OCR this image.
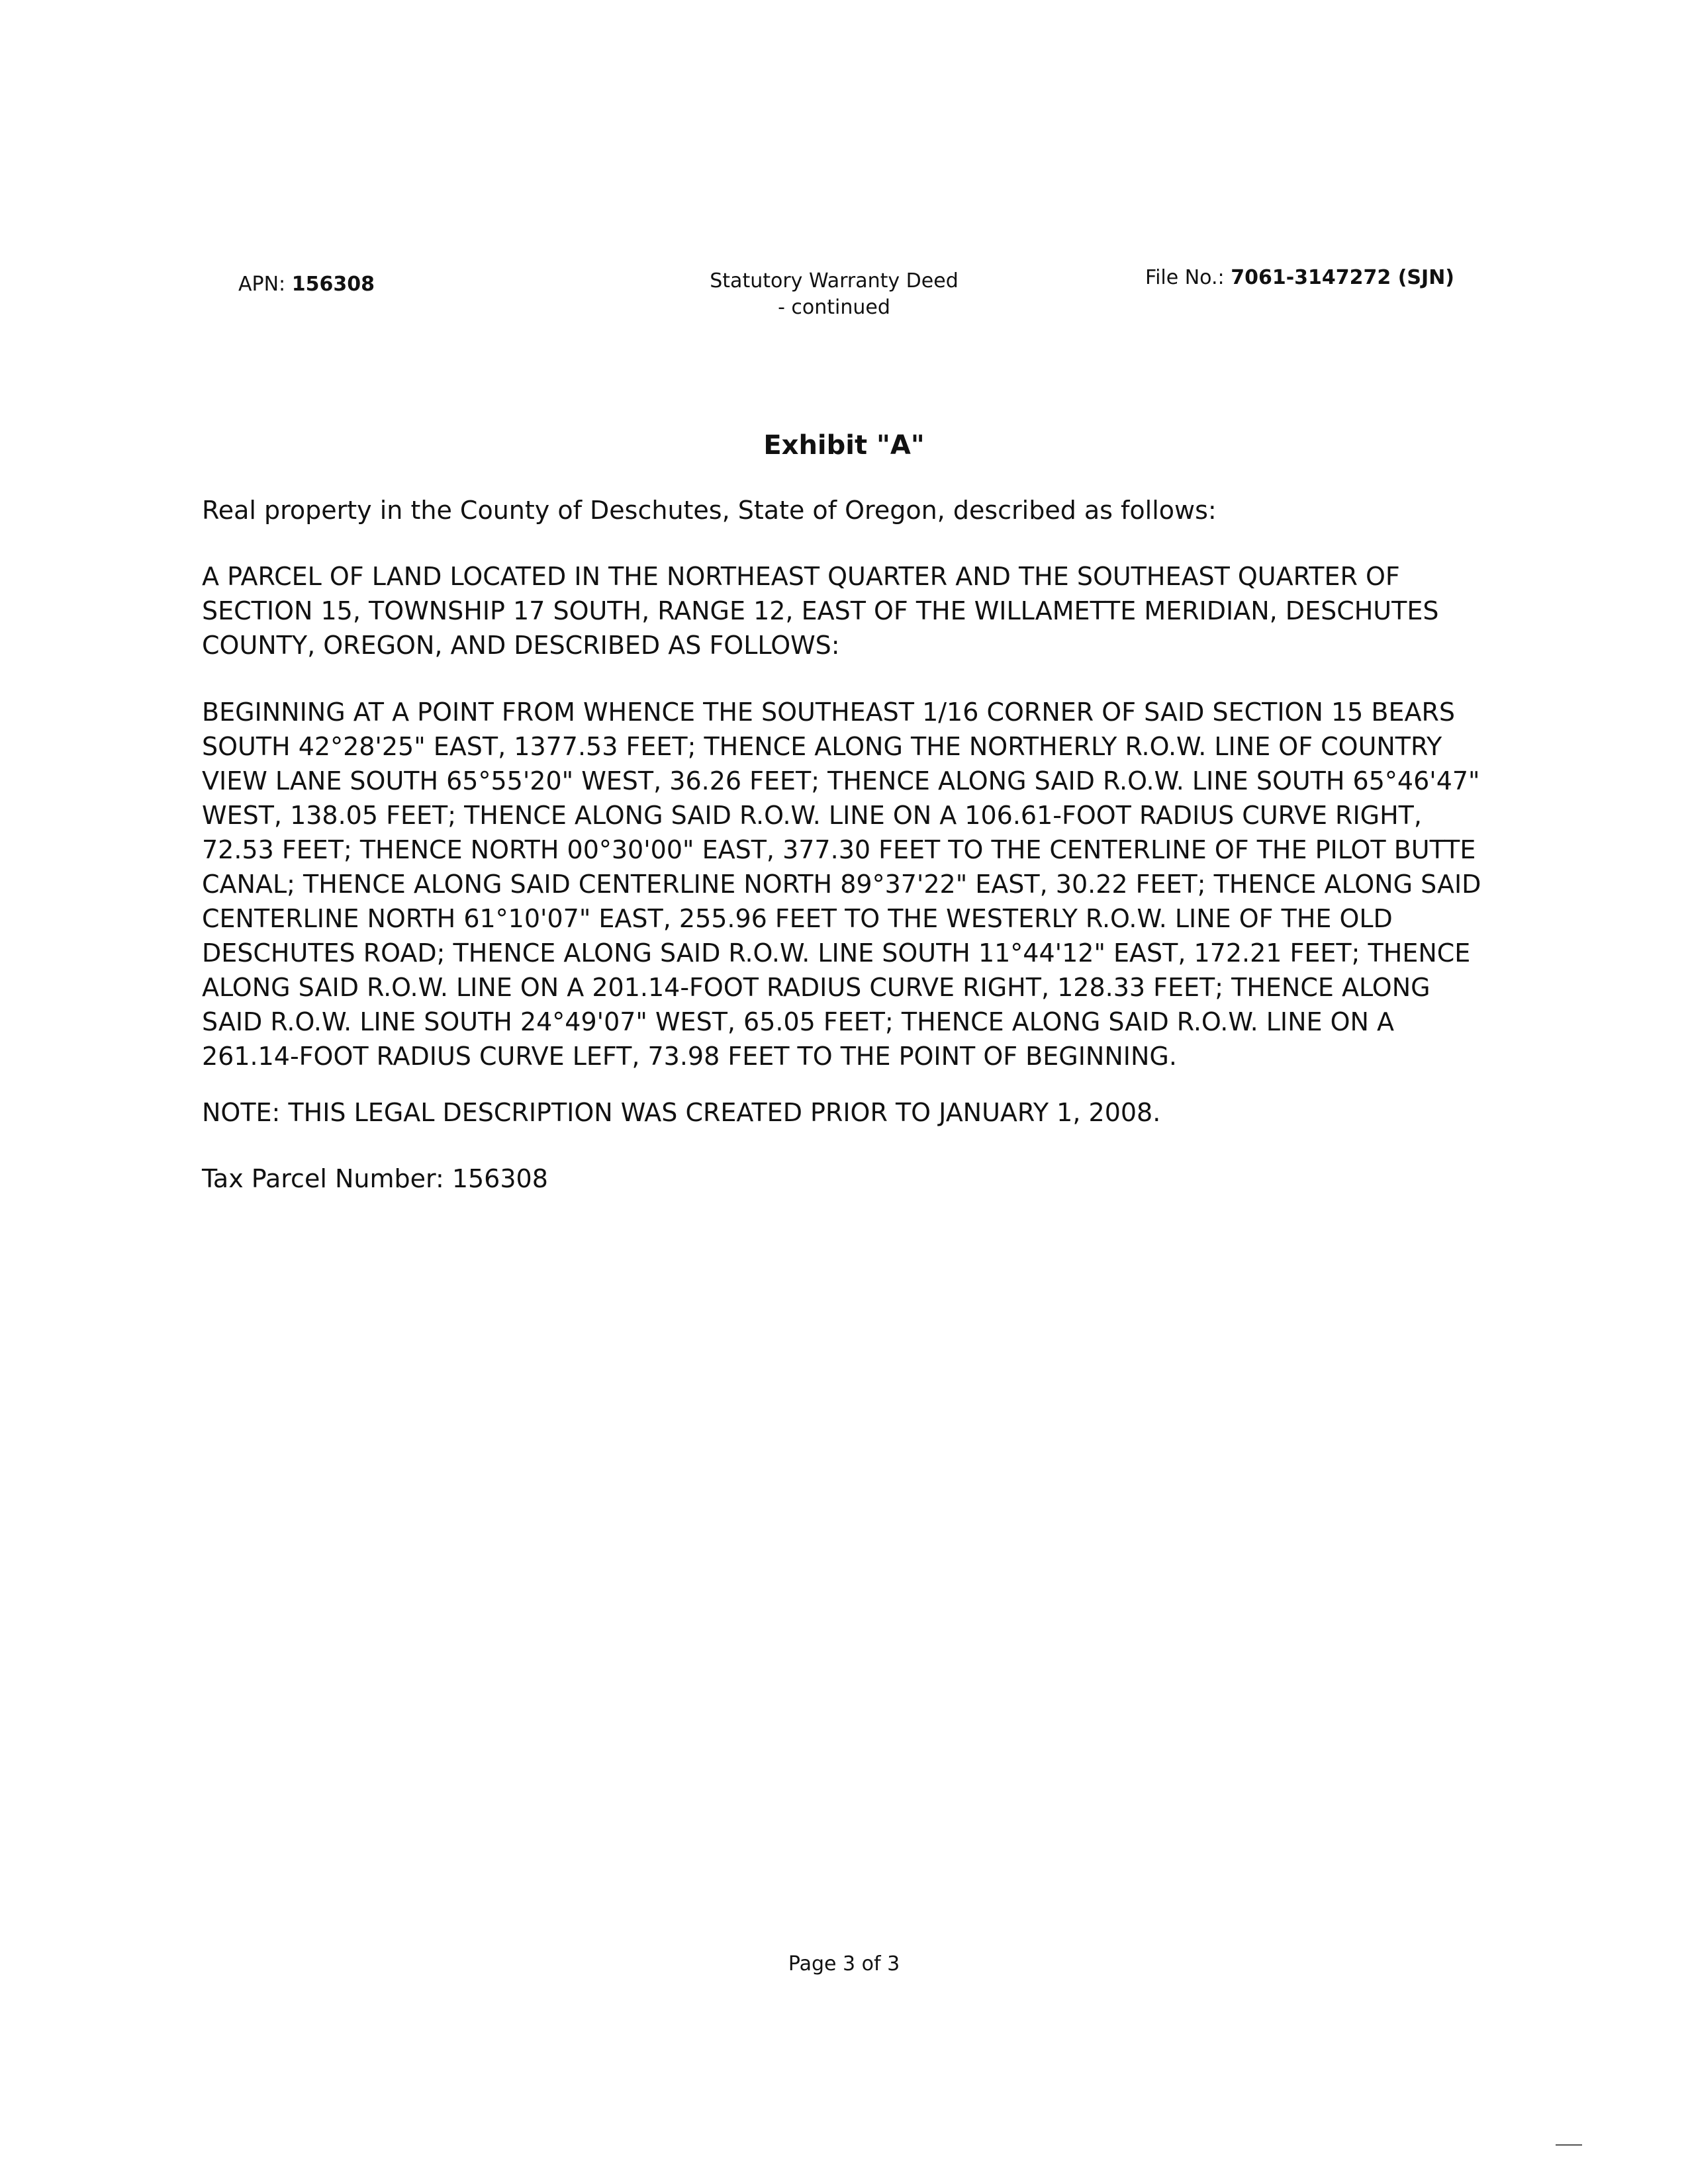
APN: 156308	Statutory Warranty Deed
- continued
File No.: 7061-3147272 (SJN)
Exhibit "A"
Real property in the County of Deschutes, State of Oregon, described as follows:
A PARCEL OF LAND LOCATED IN THE NORTHEAST QUARTER AND THE SOUTHEAST QUARTER OF
SECTION 15, TOWNSHIP 17 SOUTH, RANGE 12, EAST OF THE WILLAMETTE MERIDIAN, DESCHUTES
COUNTY, OREGON, AND DESCRIBED AS FOLLOWS:
BEGINNING AT A POINT FROM WHENCE THE SOUTHEAST 1/16 CORNER OF SAID SECTION 15 BEARS
SOUTH 42°28'25" EAST, 1377.53 FEET; THENCE ALONG THE NORTHERLY R.O.W. LINE OF COUNTRY
VIEW LANE SOUTH 65°55'20" WEST, 36.26 FEET; THENCE ALONG SAID R.O.W. LINE SOUTH 65°46'47"
WEST, 138.05 FEET; THENCE ALONG SAID R.O.W. LINE ON A 106.61-FOOT RADIUS CURVE RIGHT,
72.53 FEET; THENCE NORTH 00°30'00" EAST, 377.30 FEET TO THE CENTERLINE OF THE PILOT BUTTE
CANAL; THENCE ALONG SAID CENTERLINE NORTH 89°37'22" EAST, 30.22 FEET; THENCE ALONG SAID
CENTERLINE NORTH 61°10'07" EAST, 255.96 FEET TO THE WESTERLY R.O.W. LINE OF THE OLD
DESCHUTES ROAD; THENCE ALONG SAID R.O.W. LINE SOUTH 11°44'12" EAST, 172.21 FEET; THENCE
ALONG SAID R.O.W. LINE ON A 201.14-FOOT RADIUS CURVE RIGHT, 128.33 FEET; THENCE ALONG
SAID R.O.W. LINE SOUTH 24°49'07" WEST, 65.05 FEET; THENCE ALONG SAID R.O.W. LINE ON A
261.14-FOOT RADIUS CURVE LEFT, 73.98 FEET TO THE POINT OF BEGINNING.
NOTE: THIS LEGAL DESCRIPTION WAS CREATED PRIOR TO JANUARY 1, 2008.
Tax Parcel Number: 156308
Page 3 of 3
